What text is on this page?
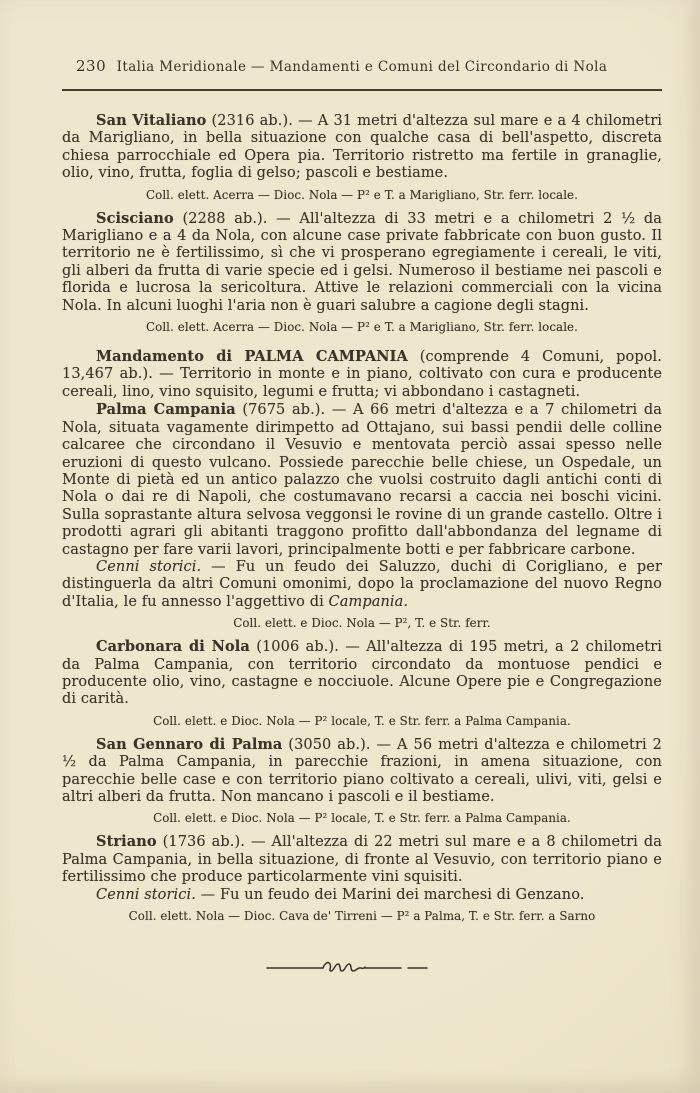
230 Italia Meridionale — Mandamenti e Comuni del Circondario di Nola

San Vitaliano (2316 ab.). — A 31 metri d'altezza sul mare e a 4 chilometri da Marigliano, in bella situazione con qualche casa di bell'aspetto, discreta chiesa parrocchiale ed Opera pia. Territorio ristretto ma fertile in granaglie, olio, vino, frutta, foglia di gelso; pascoli e bestiame.

Coll. elett. Acerra — Dioc. Nola — P² e T. a Marigliano, Str. ferr. locale.

Scisciano (2288 ab.). — All'altezza di 33 metri e a chilometri 2 ½ da Marigliano e a 4 da Nola, con alcune case private fabbricate con buon gusto. Il territorio ne è fertilissimo, sì che vi prosperano egregiamente i cereali, le viti, gli alberi da frutta di varie specie ed i gelsi. Numeroso il bestiame nei pascoli e florida e lucrosa la sericoltura. Attive le relazioni commerciali con la vicina Nola. In alcuni luoghi l'aria non è guari salubre a cagione degli stagni.

Coll. elett. Acerra — Dioc. Nola — P² e T. a Marigliano, Str. ferr. locale.

Mandamento di PALMA CAMPANIA (comprende 4 Comuni, popol. 13,467 ab.). — Territorio in monte e in piano, coltivato con cura e producente cereali, lino, vino squisito, legumi e frutta; vi abbondano i castagneti.

Palma Campania (7675 ab.). — A 66 metri d'altezza e a 7 chilometri da Nola, situata vagamente dirimpetto ad Ottajano, sui bassi pendii delle colline calcaree che circondano il Vesuvio e mentovata perciò assai spesso nelle eruzioni di questo vulcano. Possiede parecchie belle chiese, un Ospedale, un Monte di pietà ed un antico palazzo che vuolsi costruito dagli antichi conti di Nola o dai re di Napoli, che costumavano recarsi a caccia nei boschi vicini. Sulla soprastante altura selvosa veggonsi le rovine di un grande castello. Oltre i prodotti agrari gli abitanti traggono profitto dall'abbondanza del legname di castagno per fare varii lavori, principalmente botti e per fabbricare carbone.

Cenni storici. — Fu un feudo dei Saluzzo, duchi di Corigliano, e per distinguerla da altri Comuni omonimi, dopo la proclamazione del nuovo Regno d'Italia, le fu annesso l'aggettivo di Campania.

Coll. elett. e Dioc. Nola — P², T. e Str. ferr.

Carbonara di Nola (1006 ab.). — All'altezza di 195 metri, a 2 chilometri da Palma Campania, con territorio circondato da montuose pendici e producente olio, vino, castagne e nocciuole. Alcune Opere pie e Congregazione di carità.

Coll. elett. e Dioc. Nola — P² locale, T. e Str. ferr. a Palma Campania.

San Gennaro di Palma (3050 ab.). — A 56 metri d'altezza e chilometri 2 ½ da Palma Campania, in parecchie frazioni, in amena situazione, con parecchie belle case e con territorio piano coltivato a cereali, ulivi, viti, gelsi e altri alberi da frutta. Non mancano i pascoli e il bestiame.

Coll. elett. e Dioc. Nola — P² locale, T. e Str. ferr. a Palma Campania.

Striano (1736 ab.). — All'altezza di 22 metri sul mare e a 8 chilometri da Palma Campania, in bella situazione, di fronte al Vesuvio, con territorio piano e fertilissimo che produce particolarmente vini squisiti.

Cenni storici. — Fu un feudo dei Marini dei marchesi di Genzano.

Coll. elett. Nola — Dioc. Cava de' Tirreni — P² a Palma, T. e Str. ferr. a Sarno
